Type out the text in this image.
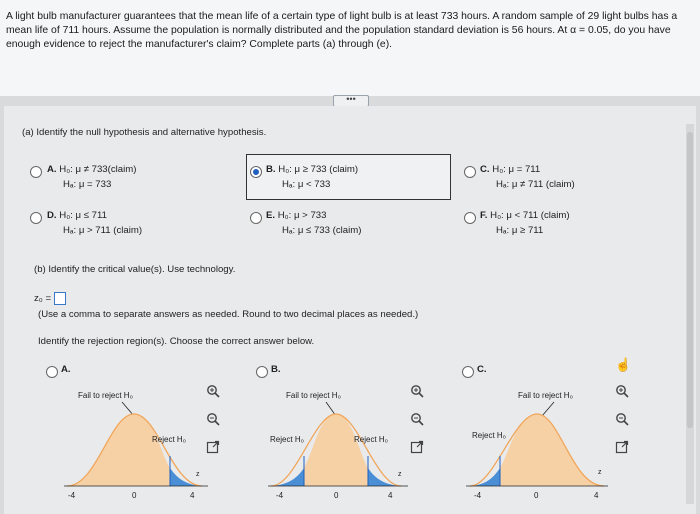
A light bulb manufacturer guarantees that the mean life of a certain type of light bulb is at least 733 hours. A random sample of 29 light bulbs has a mean life of 711 hours. Assume the population is normally distributed and the population standard deviation is 56 hours. At α = 0.05, do you have enough evidence to reject the manufacturer's claim? Complete parts (a) through (e).
•••
(a) Identify the null hypothesis and alternative hypothesis.
A. H₀: μ ≠ 733(claim)
Hₐ: μ = 733
B. H₀: μ ≥ 733 (claim)
Hₐ: μ < 733
C. H₀: μ = 711
Hₐ: μ ≠ 711 (claim)
D. H₀: μ ≤ 711
Hₐ: μ > 711 (claim)
E. H₀: μ > 733
Hₐ: μ ≤ 733 (claim)
F. H₀: μ < 711 (claim)
Hₐ: μ ≥ 711
(b) Identify the critical value(s). Use technology.
z₀ =
(Use a comma to separate answers as needed. Round to two decimal places as needed.)
Identify the rejection region(s). Choose the correct answer below.
A.	B.	C.
Fail to reject H₀
Reject H₀
-4	0	4
z
Fail to reject H₀
Reject H₀	Reject H₀
-4	0	4
z
Fail to reject H₀
Reject H₀
-4	0	4
z
☝
